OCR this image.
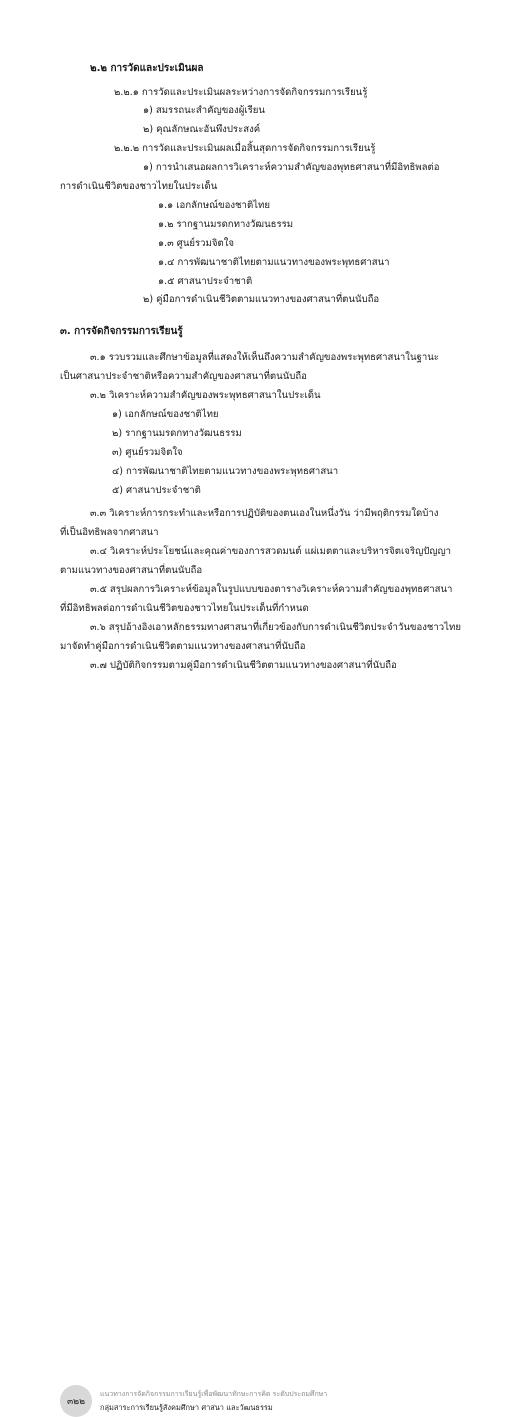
๒.๒ การวัดและประเมินผล
๒.๒.๑ การวัดและประเมินผลระหว่างการจัดกิจกรรมการเรียนรู้
๑) สมรรถนะสำคัญของผู้เรียน
๒) คุณลักษณะอันพึงประสงค์
๒.๒.๒ การวัดและประเมินผลเมื่อสิ้นสุดการจัดกิจกรรมการเรียนรู้
๑) การนำเสนอผลการวิเคราะห์ความสำคัญของพุทธศาสนาที่มีอิทธิพลต่อ
การดำเนินชีวิตของชาวไทยในประเด็น
๑.๑ เอกลักษณ์ของชาติไทย
๑.๒ รากฐานมรดกทางวัฒนธรรม
๑.๓ ศูนย์รวมจิตใจ
๑.๔ การพัฒนาชาติไทยตามแนวทางของพระพุทธศาสนา
๑.๕ ศาสนาประจำชาติ
๒) คู่มือการดำเนินชีวิตตามแนวทางของศาสนาที่ตนนับถือ
๓. การจัดกิจกรรมการเรียนรู้
๓.๑ รวบรวมและศึกษาข้อมูลที่แสดงให้เห็นถึงความสำคัญของพระพุทธศาสนาในฐานะ
เป็นศาสนาประจำชาติหรือความสำคัญของศาสนาที่ตนนับถือ
๓.๒ วิเคราะห์ความสำคัญของพระพุทธศาสนาในประเด็น
๑) เอกลักษณ์ของชาติไทย
๒) รากฐานมรดกทางวัฒนธรรม
๓) ศูนย์รวมจิตใจ
๔) การพัฒนาชาติไทยตามแนวทางของพระพุทธศาสนา
๕) ศาสนาประจำชาติ
๓.๓ วิเคราะห์การกระทำและหรือการปฏิบัติของตนเองในหนึ่งวัน ว่ามีพฤติกรรมใดบ้าง
ที่เป็นอิทธิพลจากศาสนา
๓.๔ วิเคราะห์ประโยชน์และคุณค่าของการสวดมนต์ แผ่เมตตาและบริหารจิตเจริญปัญญา
ตามแนวทางของศาสนาที่ตนนับถือ
๓.๕ สรุปผลการวิเคราะห์ข้อมูลในรูปแบบของตารางวิเคราะห์ความสำคัญของพุทธศาสนา
ที่มีอิทธิพลต่อการดำเนินชีวิตของชาวไทยในประเด็นที่กำหนด
๓.๖ สรุปอ้างอิงเอาหลักธรรมทางศาสนาที่เกี่ยวข้องกับการดำเนินชีวิตประจำวันของชาวไทย
มาจัดทำคู่มือการดำเนินชีวิตตามแนวทางของศาสนาที่นับถือ
๓.๗ ปฏิบัติกิจกรรมตามคู่มือการดำเนินชีวิตตามแนวทางของศาสนาที่นับถือ
๓๒๒
แนวทางการจัดกิจกรรมการเรียนรู้เพื่อพัฒนาทักษะการคิด ระดับประถมศึกษา
กลุ่มสาระการเรียนรู้สังคมศึกษา ศาสนา และวัฒนธรรม
